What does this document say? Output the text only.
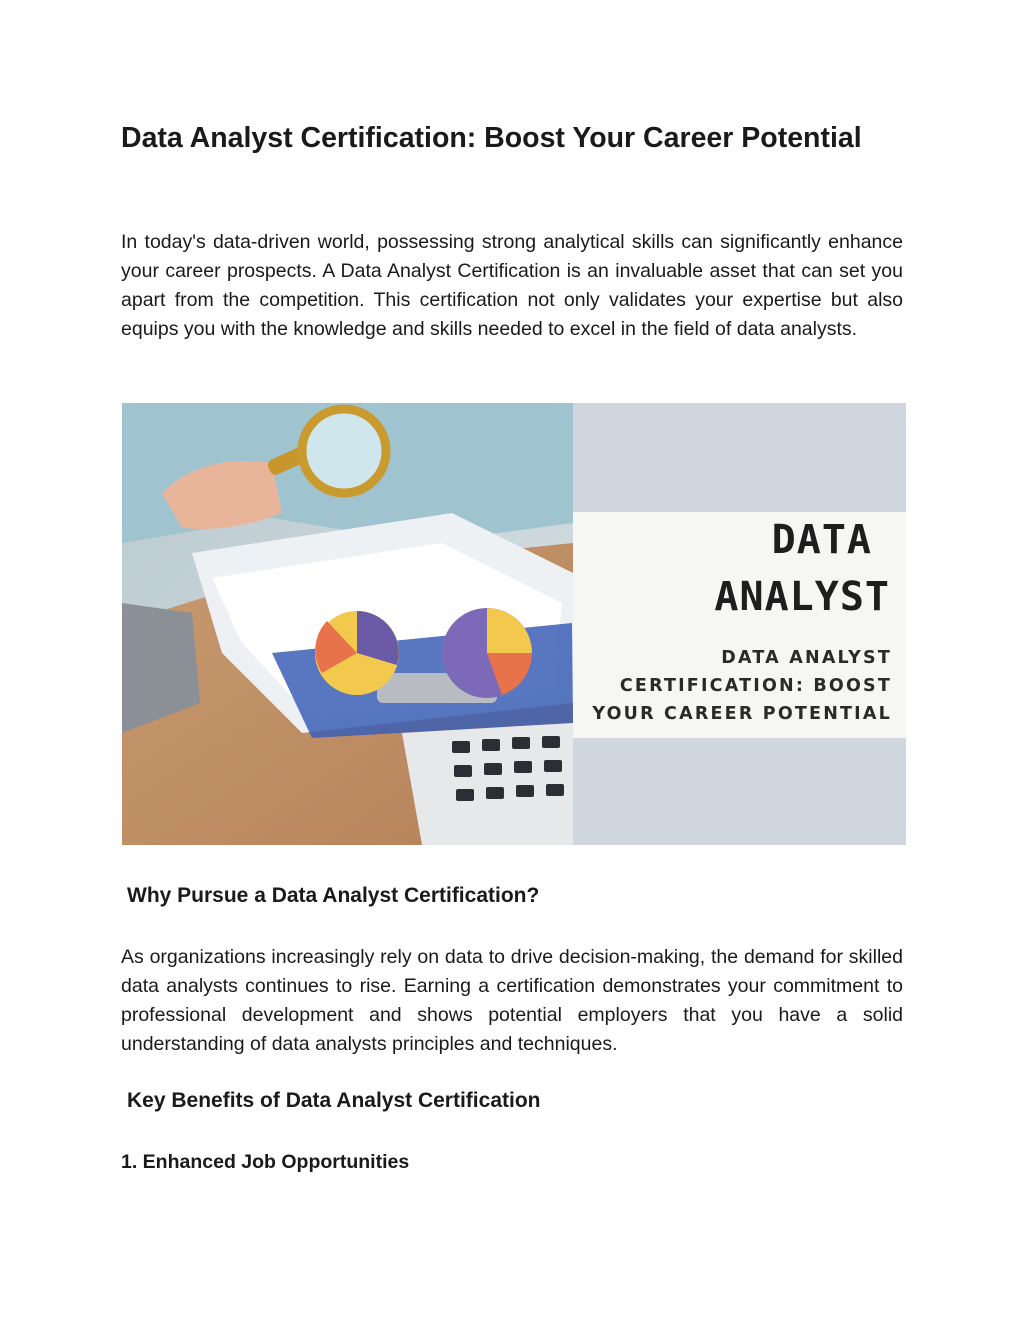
Data Analyst Certification: Boost Your Career Potential

In today's data-driven world, possessing strong analytical skills can significantly enhance your career prospects. A Data Analyst Certification is an invaluable asset that can set you apart from the competition. This certification not only validates your expertise but also equips you with the knowledge and skills needed to excel in the field of data analysts.

Why Pursue a Data Analyst Certification?

As organizations increasingly rely on data to drive decision-making, the demand for skilled data analysts continues to rise. Earning a certification demonstrates your commitment to professional development and shows potential employers that you have a solid understanding of data analysts principles and techniques.

Key Benefits of Data Analyst Certification
1. Enhanced Job Opportunities
DATA
ANALYST
DATA ANALYST
CERTIFICATION: BOOST
YOUR CAREER POTENTIAL
